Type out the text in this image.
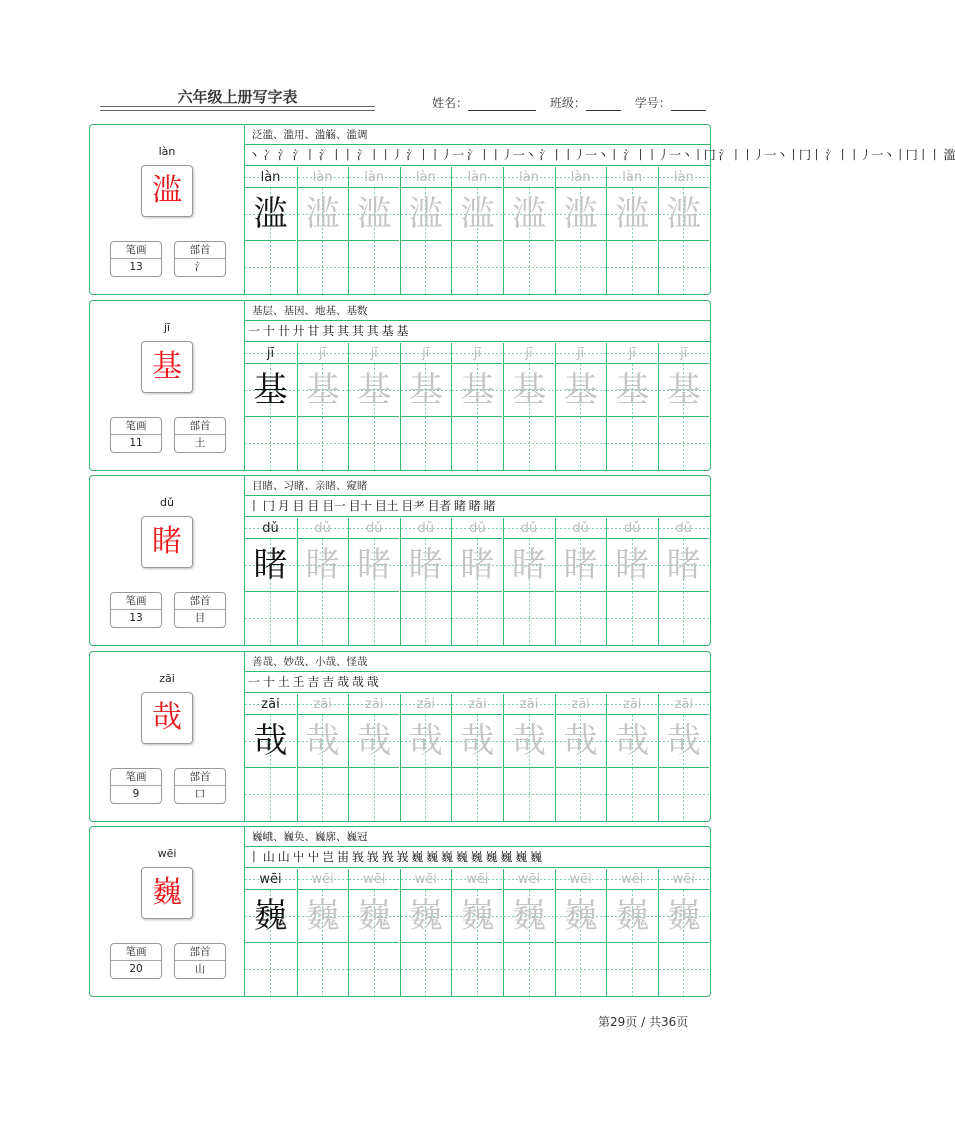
六年级上册写字表	姓名：	班级：	学号：
làn
滥
笔画
13
部首
氵
泛滥、滥用、滥觞、滥调
丶 冫 氵 氵丨 氵丨丨 氵丨丨丿 氵丨丨丿一 氵丨丨丿一丶 氵丨丨丿一丶丨 氵丨丨丿一丶丨冂 氵丨丨丿一丶丨冂丨 氵丨丨丿一丶丨冂丨丨 滥
làn
滥
làn
滥
làn
滥
làn
滥
làn
滥
làn
滥
làn
滥
làn
滥
làn
滥
jī
基
笔画
11
部首
土
基层、基因、地基、基数
一 十 卄 廾 甘 其 其 其 其 基 基
jī
基
jī
基
jī
基
jī
基
jī
基
jī
基
jī
基
jī
基
jī
基
dǔ
睹
笔画
13
部首
目
目睹、习睹、亲睹、窥睹
丨 冂 月 目 目 目一 目十 目土 目耂 目者 睹 睹 睹
dǔ
睹
dǔ
睹
dǔ
睹
dǔ
睹
dǔ
睹
dǔ
睹
dǔ
睹
dǔ
睹
dǔ
睹
zāi
哉
笔画
9
部首
口
善哉、妙哉、小哉、怪哉
一 十 土 𡈼 吉 吉 哉 哉 哉
zāi
哉
zāi
哉
zāi
哉
zāi
哉
zāi
哉
zāi
哉
zāi
哉
zāi
哉
zāi
哉
wēi
巍
笔画
20
部首
山
巍峨、巍奂、巍廓、巍冠
丨 山 山 屮 屮 岂 峀 峩 峩 峩 峩 巍 巍 巍 巍 巍 巍 巍 巍 巍
wēi
巍
wēi
巍
wēi
巍
wēi
巍
wēi
巍
wēi
巍
wēi
巍
wēi
巍
wēi
巍
第29页 / 共36页
